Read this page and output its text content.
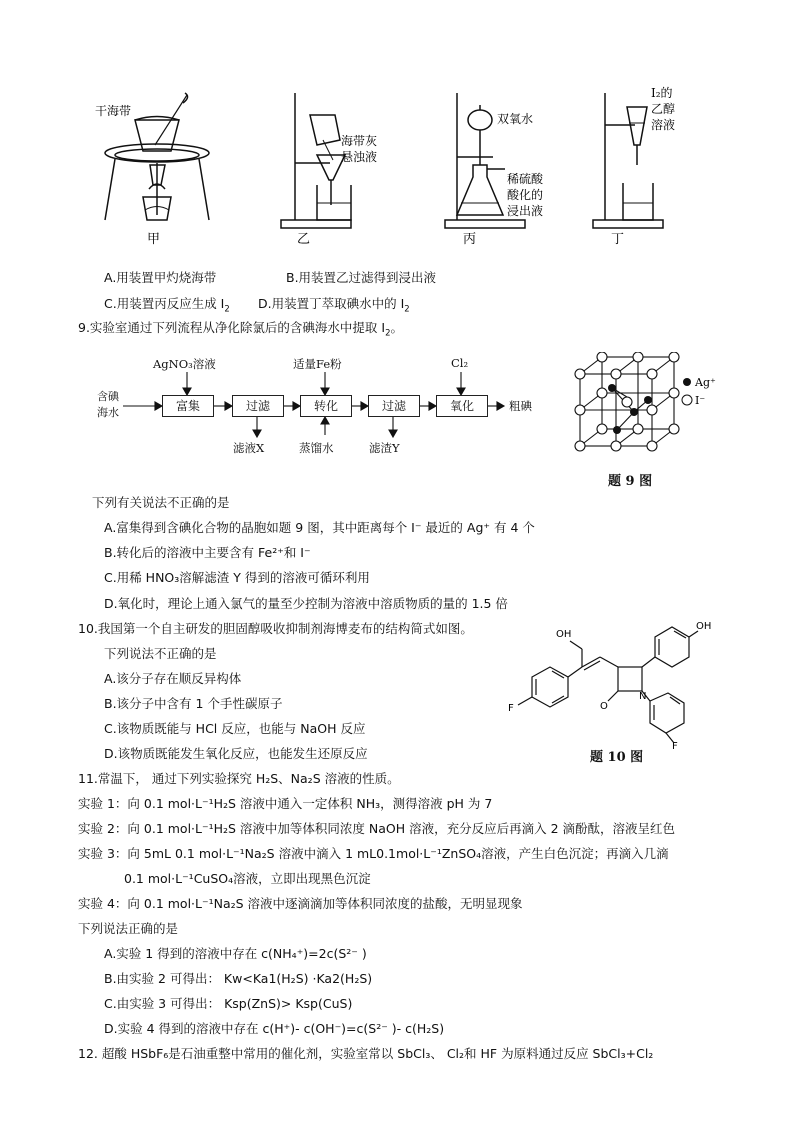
干海带
海带灰
悬浊液
双氧水
稀硫酸
酸化的
浸出液
I₂的
乙醇
溶液
甲	乙	丙	丁
A.用装置甲灼烧海带	B.用装置乙过滤得到浸出液
C.用装置丙反应生成 $I_2$ D.用装置丁萃取碘水中的 $I_2$
9.实验室通过下列流程从净化除氯后的含碘海水中提取 $I_2$。
含碘
海水	富集	过滤	转化	过滤	氧化
AgNO₃溶液	适量Fe粉	Cl₂
滤液X	蒸馏水	滤渣Y
粗碘
Ag⁺
I⁻
题 9 图
下列有关说法不正确的是
A.富集得到含碘化合物的晶胞如题 9 图，其中距离每个 I⁻ 最近的 Ag⁺ 有 4 个
B.转化后的溶液中主要含有 Fe²⁺和 I⁻
C.用稀 HNO₃溶解滤渣 Y 得到的溶液可循环利用
D.氧化时，理论上通入氯气的量至少控制为溶液中溶质物质的量的 1.5 倍
10.我国第一个自主研发的胆固醇吸收抑制剂海博麦布的结构简式如图。
下列说法不正确的是
A.该分子存在顺反异构体
B.该分子中含有 1 个手性碳原子
C.该物质既能与 HCl 反应，也能与 NaOH 反应
D.该物质既能发生氧化反应，也能发生还原反应
OH
OH
F
F
O
N
题 10 图
11.常温下， 通过下列实验探究 H₂S、Na₂S 溶液的性质。
实验 1：向 0.1 mol·L⁻¹H₂S 溶液中通入一定体积 NH₃，测得溶液 pH 为 7
实验 2：向 0.1 mol·L⁻¹H₂S 溶液中加等体积同浓度 NaOH 溶液，充分反应后再滴入 2 滴酚酞，溶液呈红色
实验 3：向 5mL 0.1 mol·L⁻¹Na₂S 溶液中滴入 1 mL0.1mol·L⁻¹ZnSO₄溶液，产生白色沉淀；再滴入几滴
0.1 mol·L⁻¹CuSO₄溶液，立即出现黑色沉淀
实验 4：向 0.1 mol·L⁻¹Na₂S 溶液中逐滴滴加等体积同浓度的盐酸，无明显现象
下列说法正确的是
A.实验 1 得到的溶液中存在 c(NH₄⁺)=2c(S²⁻ )
B.由实验 2 可得出： Kw<Ka1(H₂S) ·Ka2(H₂S)
C.由实验 3 可得出： Ksp(ZnS)> Ksp(CuS)
D.实验 4 得到的溶液中存在 c(H⁺)- c(OH⁻)=c(S²⁻ )- c(H₂S)
12. 超酸 HSbF₆是石油重整中常用的催化剂，实验室常以 SbCl₃、 Cl₂和 HF 为原料通过反应 SbCl₃+Cl₂
